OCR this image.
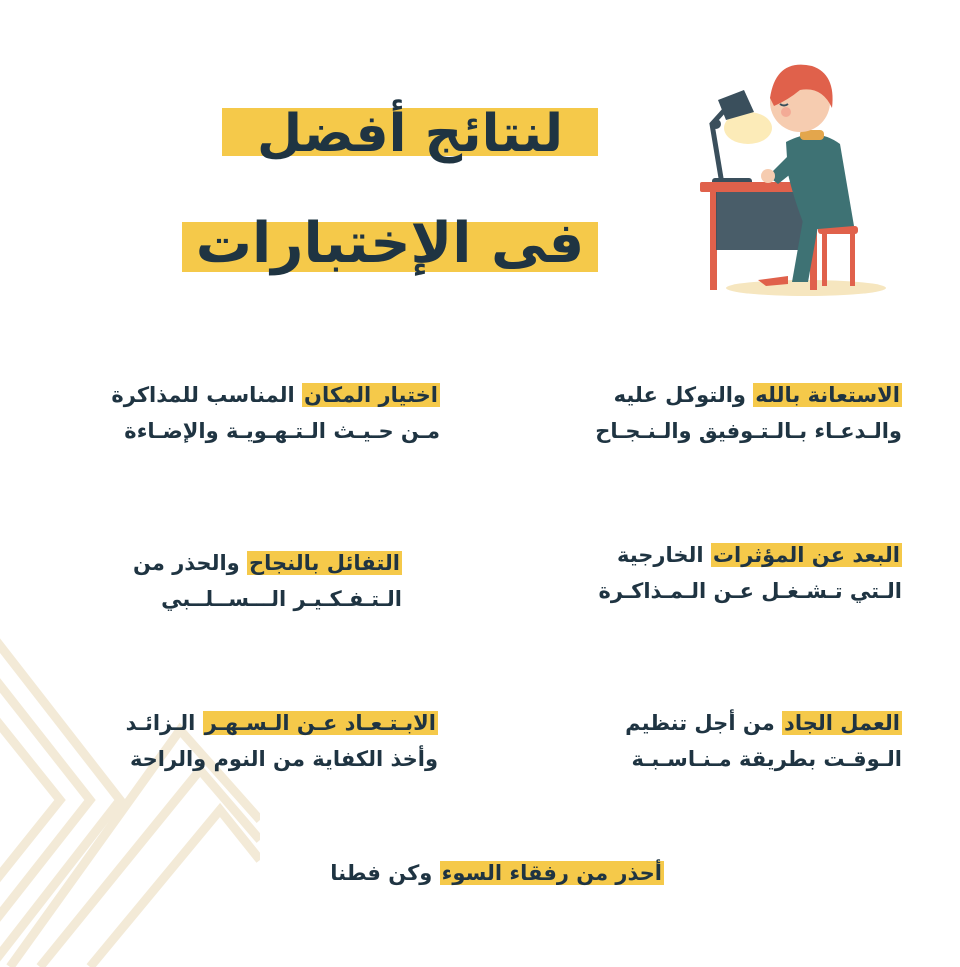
لنتائج أفضل
فى الإختبارات
الاستعانة بالله والتوكل عليه
والـدعـاء بـالـتـوفيق والـنـجـاح
اختيار المكان المناسب للمذاكرة
مـن حـيـث الـتـهـويـة والإضـاءة
البعد عن المؤثرات الخارجية
الـتي تـشـغـل عـن الـمـذاكـرة
التفائل بالنجاح والحذر من
الـتـفـكـيـر الـــســلــبي
العمل الجاد من أجل تنظيم
الـوقـت بطريقة مـنـاسـبـة
الابـتـعـاد عـن الـسـهـر الـزائـد
وأخذ الكفاية من النوم والراحة
أحذر من رفقاء السوء وكن فطنا
